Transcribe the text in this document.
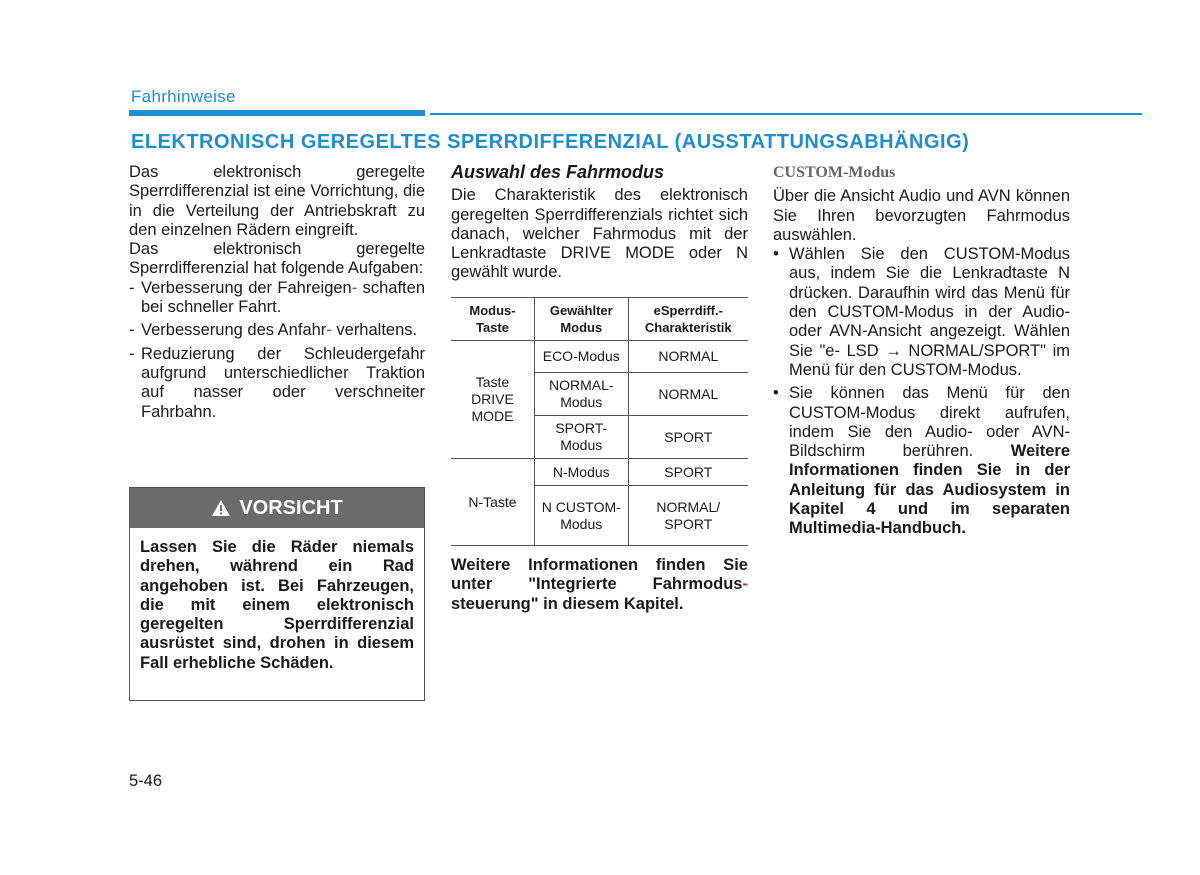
Fahrhinweise
ELEKTRONISCH GEREGELTES SPERRDIFFERENZIAL (AUSSTATTUNGSABHÄNGIG)

Das elektronisch geregelte Sperrdifferenzial ist eine Vorrichtung, die in die Verteilung der Antriebskraft zu den einzelnen Rädern eingreift.

Das elektronisch geregelte Sperrdifferenzial hat folgende Aufgaben:

- Verbesserung der Fahreigen- schaften bei schneller Fahrt.
- Verbesserung des Anfahr- verhaltens.
- Reduzierung der Schleudergefahr aufgrund unterschiedlicher Traktion auf nasser oder verschneiter Fahrbahn.
VORSICHT
Lassen Sie die Räder niemals drehen, während ein Rad angehoben ist. Bei Fahrzeugen, die mit einem elektronisch geregelten Sperrdifferenzial ausrüstet sind, drohen in diesem Fall erhebliche Schäden.

Auswahl des Fahrmodus

Die Charakteristik des elektronisch geregelten Sperrdifferenzials richtet sich danach, welcher Fahrmodus mit der Lenkradtaste DRIVE MODE oder N gewählt wurde.

Modus-Taste	Gewählter Modus	eSperrdiff.-Charakteristik
Taste DRIVE MODE	ECO-Modus	NORMAL
	NORMAL-Modus	NORMAL
	SPORT-Modus	SPORT
N-Taste	N-Modus	SPORT
	N CUSTOM-Modus	NORMAL/ SPORT

Weitere Informationen finden Sie unter "Integrierte Fahrmodus- steuerung" in diesem Kapitel.

CUSTOM-Modus

Über die Ansicht Audio und AVN können Sie Ihren bevorzugten Fahrmodus auswählen.

• Wählen Sie den CUSTOM-Modus aus, indem Sie die Lenkradtaste N drücken. Daraufhin wird das Menü für den CUSTOM-Modus in der Audio- oder AVN-Ansicht angezeigt. Wählen Sie "e- LSD → NORMAL/SPORT" im Menü für den CUSTOM-Modus.
• Sie können das Menü für den CUSTOM-Modus direkt aufrufen, indem Sie den Audio- oder AVN-Bildschirm berühren. Weitere Informationen finden Sie in der Anleitung für das Audiosystem in Kapitel 4 und im separaten Multimedia-Handbuch.
5-46
